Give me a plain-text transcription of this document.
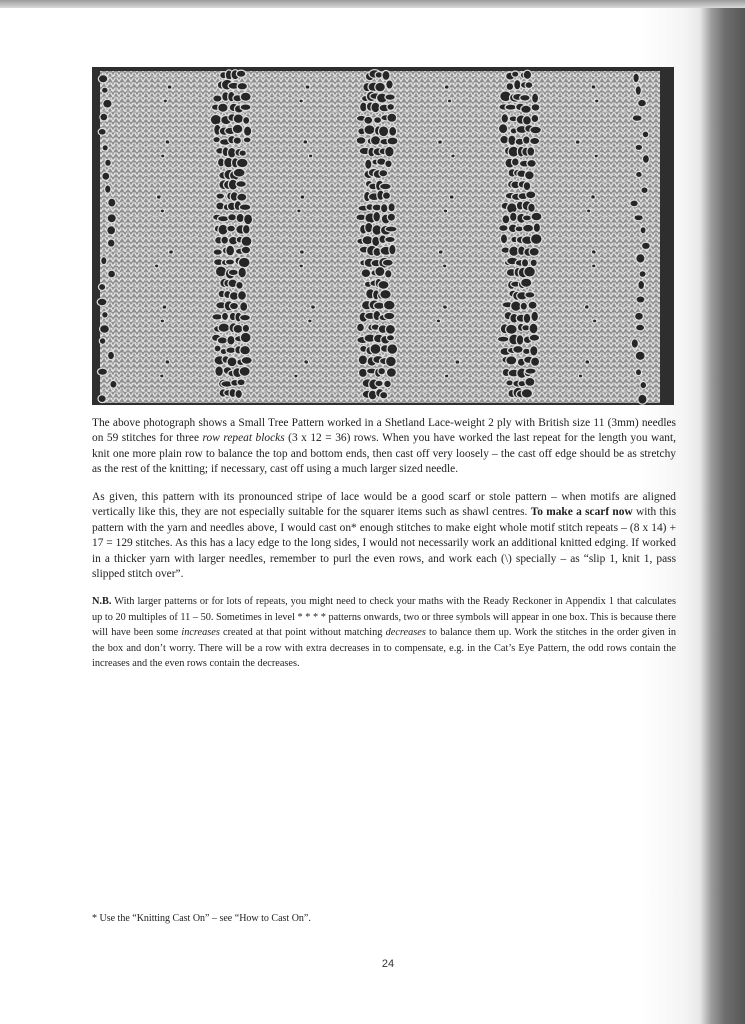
The above photograph shows a Small Tree Pattern worked in a Shetland Lace-weight 2 ply with British size 11 (3mm) needles on 59 stitches for three row repeat blocks (3 x 12 = 36) rows. When you have worked the last repeat for the length you want, knit one more plain row to balance the top and bottom ends, then cast off very loosely – the cast off edge should be as stretchy as the rest of the knitting; if necessary, cast off using a much larger sized needle.

As given, this pattern with its pronounced stripe of lace would be a good scarf or stole pattern – when motifs are aligned vertically like this, they are not especially suitable for the squarer items such as shawl centres. To make a scarf now with this pattern with the yarn and needles above, I would cast on* enough stitches to make eight whole motif stitch repeats – (8 x 14) + 17 = 129 stitches. As this has a lacy edge to the long sides, I would not necessarily work an additional knitted edging. If worked in a thicker yarn with larger needles, remember to purl the even rows, and work each (\) specially – as “slip 1, knit 1, pass slipped stitch over”.

N.B. With larger patterns or for lots of repeats, you might need to check your maths with the Ready Reckoner in Appendix 1 that calculates up to 20 multiples of 11 – 50. Sometimes in level * * * * patterns onwards, two or three symbols will appear in one box. This is because there will have been some increases created at that point without matching decreases to balance them up. Work the stitches in the order given in the box and don’t worry. There will be a row with extra decreases in to compensate, e.g. in the Cat’s Eye Pattern, the odd rows contain the increases and the even rows contain the decreases.

* Use the “Knitting Cast On” – see “How to Cast On”.

24
